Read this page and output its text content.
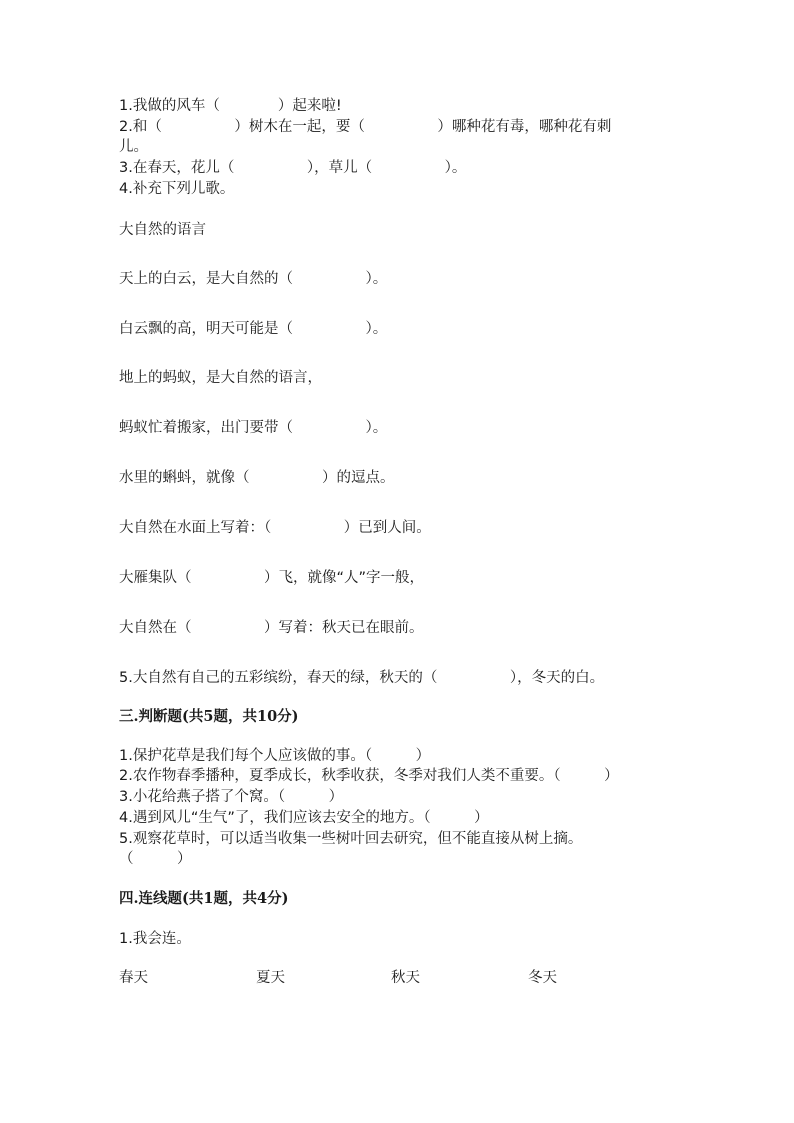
1.我做的风车（　　　　）起来啦!
2.和（　　　　　）树木在一起，要（　　　　　）哪种花有毒，哪种花有刺
儿。
3.在春天，花儿（　　　　　），草儿（　　　　　）。
4.补充下列儿歌。
大自然的语言
天上的白云，是大自然的（　　　　　）。
白云飘的高，明天可能是（　　　　　）。
地上的蚂蚁，是大自然的语言，
蚂蚁忙着搬家，出门要带（　　　　　）。
水里的蝌蚪，就像（　　　　　）的逗点。
大自然在水面上写着：（　　　　　）已到人间。
大雁集队（　　　　　）飞，就像“人”字一般，
大自然在（　　　　　）写着：秋天已在眼前。
5.大自然有自己的五彩缤纷，春天的绿，秋天的（　　　　　），冬天的白。
三.判断题(共5题，共10分)
1.保护花草是我们每个人应该做的事。（　　　）
2.农作物春季播种，夏季成长，秋季收获，冬季对我们人类不重要。（　　　）
3.小花给燕子搭了个窝。（　　　）
4.遇到风儿“生气”了，我们应该去安全的地方。（　　　）
5.观察花草时，可以适当收集一些树叶回去研究，但不能直接从树上摘。
（　　　）
四.连线题(共1题，共4分)
1.我会连。
春天	夏天	秋天	冬天
